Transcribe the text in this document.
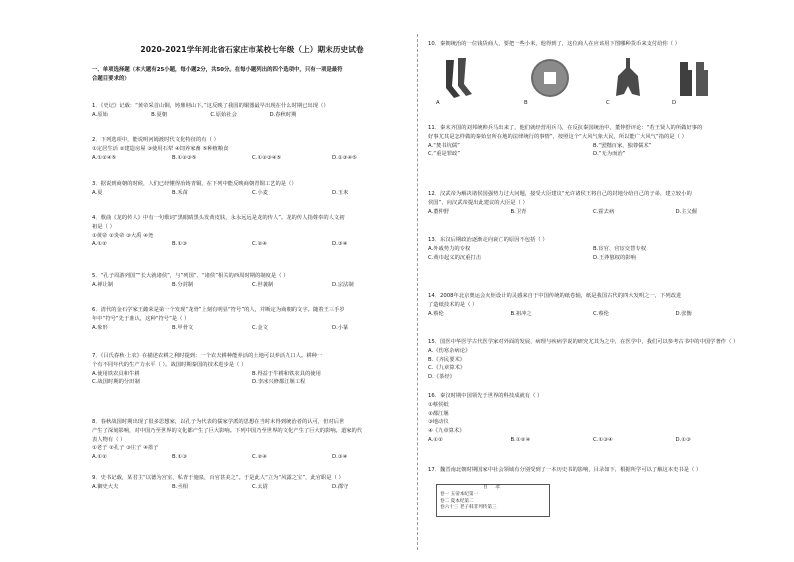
2020-2021学年河北省石家庄市某校七年级（上）期末历史试卷
一、单项选择题（本大题有25小题，每小题2分，共50分。在每小题列出的四个选项中，只有一项是最符
合题目要求的）
1．《史记》记载：“黄帝采首山铜，铸鼎荆山下。”这反映了我国的铜器最早出现在什么时期已出现（）
A.原始	B.夏朝	C.原始社会	D.春秋时期
2．下列选项中，能说明河姆渡时代文化特征的有（ ）
①定居生活 ②建造房屋 ③使用石犁 ④饲养家畜 ⑤种植粮食
A.①②④⑤	B.①②③⑤	C.①②③④⑤	D.①③④⑤
3．据说到商朝的时候，人们已经懂得冶铸青铜，在下列中能反映商朝青铜工艺的是（）
A.夏	B.禾苗	C.小麦	D.玉米
4．歌曲《龙的传人》中有一句歌词“黑眼睛黑头发黄皮肤，永永远远是龙的传人”。龙的传人指尊奉的人文初
祖是（ ）
①黄帝 ②炎帝 ③大禹 ④尧
A.①②	B.①③	C.②④	D.③④
5．“孔子周游列国”“长大就诸侯”，与“列国”、“诸侯”相关的西周时期的制度是（ ）
A.禅让制	B.分封制	C.世袭制	D.宗法制
6．清代的金石学家王懿荣是第一个发现“龙骨”上刻有明显“符号”的人，并断定为商朝的文字。随着王三手岁
年中“符号”先于准认，这种“符号”是（ ）
A.象形	B.甲骨文	C.金文	D.小篆
7．《吕氏春秋·上农》在描述农耕之利时提到：一个农夫耕种能养活的土地可以养活九口人。耕种一
个有不同年代的生产力水平（ ）。战国时期秦国的技术进步是（ ）
A.使用铁农具和牛耕	B.得益于牛耕和铁农具的使用
C.战国时期的分田制	D.李冰兴修都江堰工程
8．春秋战国时期出现了很多思想家，以孔子为代表的儒家学派的思想在当时未得到统治者的认可，但对后世
产生了深刻影响，对中国乃至世界的文化都产生了巨大影响。下列中国乃至世界的文化产生了巨大的影响。道家的代
表人物有（ ）
①老子 ②孔子 ③庄子 ④墨子
A.①②	B.①③	C.②④	D.③④
9．史书记载，某君主“以德为宫室，私青于施泉，百官甚美之”。于是此人“立为“风露之宝”，此官职是（ ）
A.御史大夫	B.丞相	C.太尉	D.郡守
10．秦朝统治的一位钱货商人，要把一些小米，他得到了，这位商人在应该用下图哪种货币来支付给你（ ）
A	B	C	D
11．秦末齐国的刘邦统帅兵马出来了，他们就经营用兵马，在反抗秦国统治中，董仲舒评论：“若王贤人的所做好事的
好事尤其是怎样做的秦始皇所在地的法律统行的事情”，按照这个“大风气象大民，所以能广大风气”指的是（ ）
A.“焚书坑儒”	B.“罢黜百家，独尊儒术”
C.“重是罪政”	D.“无为而治”
12．汉武帝为解决诸侯国强势力过大问题，接受大臣建议“允许诸侯王将自己的封地分给自己的子弟，建立较小的
侯国”，向汉武帝提出此建议的大臣是（ ）
A.董仲舒	B.卫青	C.霍去病	D.主父偃
13．东汉后期政治逐渐走向衰亡的原因不包括（ ）
A.外戚势力的专权	B.宦官、官宦交替专权
C.黄巾起义的沉重打击	D.王莽篡权的影响
14．2008年北京奥运会火炬设计的灵感来自于中国传统的纸卷轴，纸是我国古代的四大发明之一，下列改进
了造纸技术的是（ ）
A.蔡伦	B.祖冲之	C.蔡伦	D.张衡
15．国医中华医学古代医学家对外面的发展，病理与疾病学说的研究尤其为之中，在医学中，我们可以参考古书中的中国学著作（ ）
A.《伤寒杂病论》
B.《齐民要术》
C.《九章算术》
D.《茶经》
16．秦汉时期中国领先于世界的科技成就有（ ）
①蔡侯纸
②都江堰
③地动仪
④《九章算术》
A.①②	B.①②④	C.①③④	D.①③
17．魏晋南北朝时期国家中社会领域有分别受到了一本历史书的影响，目录如下，根据所学可以了解这本史书是（ ）
目 录
卷一 五帝本纪第一
卷二 夏本纪第二
卷六十三 老子韩非列传第三
